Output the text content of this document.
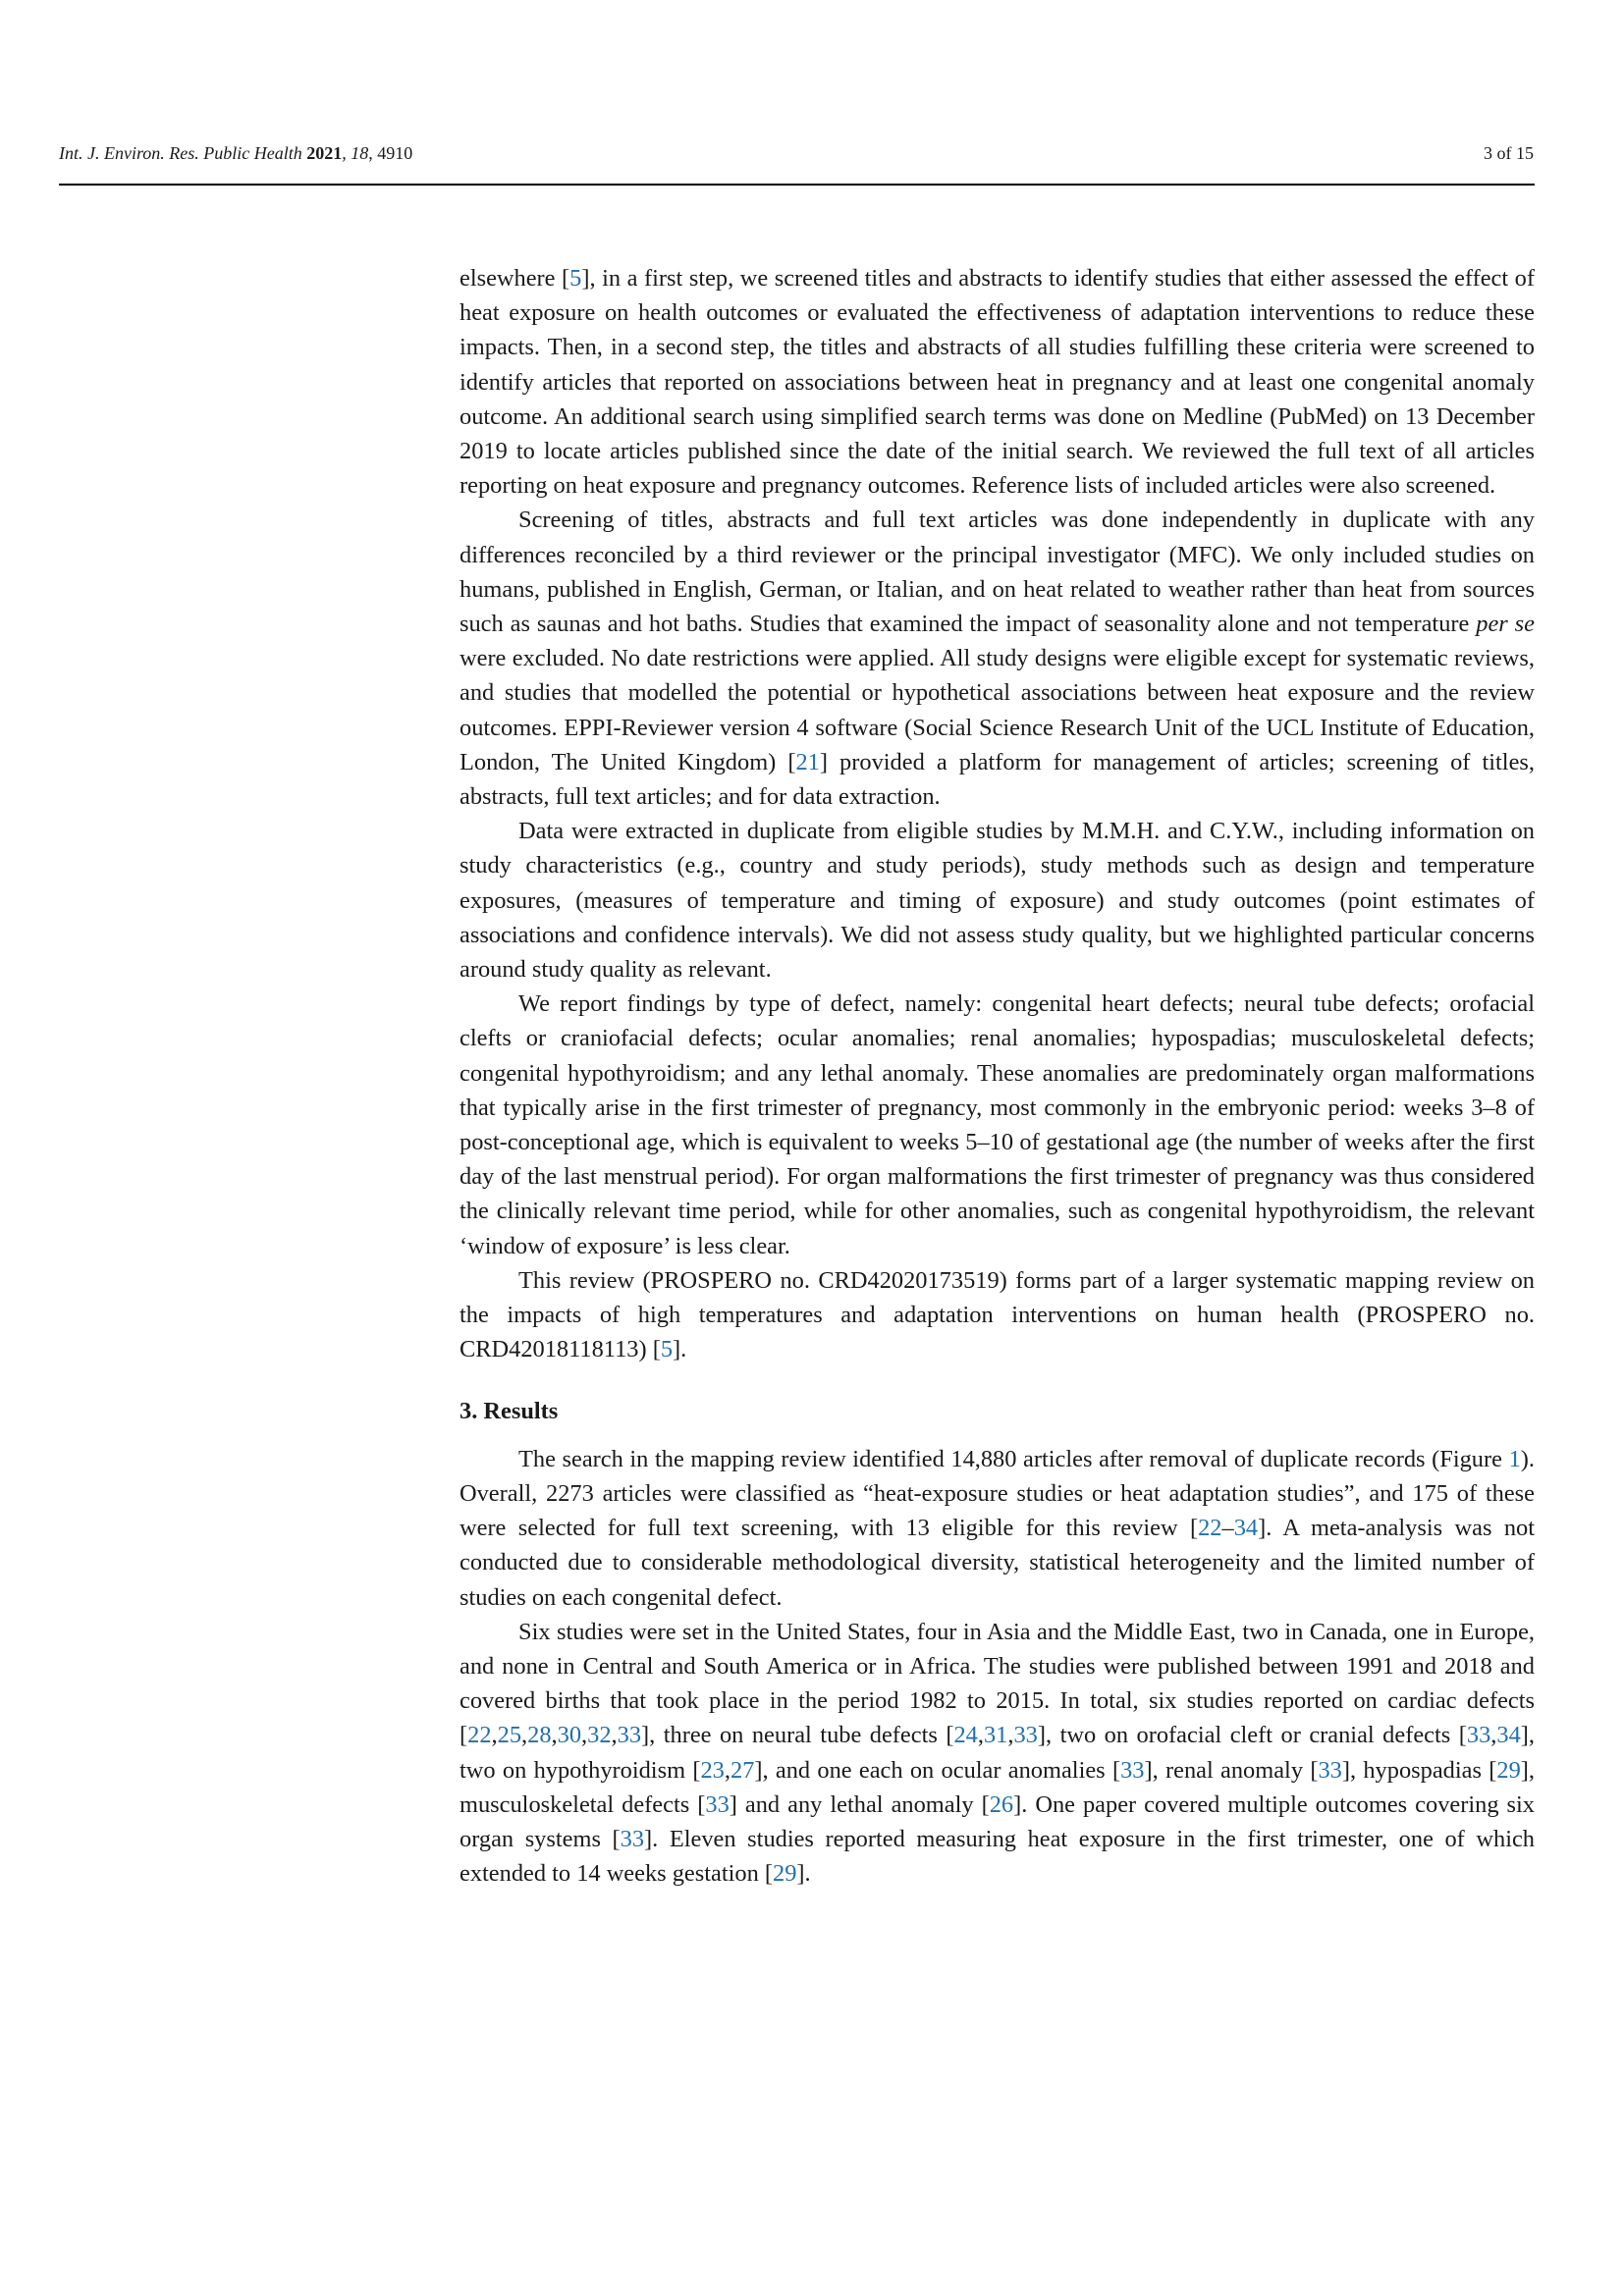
Int. J. Environ. Res. Public Health 2021, 18, 4910	3 of 15

elsewhere [5], in a first step, we screened titles and abstracts to identify studies that either assessed the effect of heat exposure on health outcomes or evaluated the effectiveness of adaptation interventions to reduce these impacts. Then, in a second step, the titles and abstracts of all studies fulfilling these criteria were screened to identify articles that reported on associations between heat in pregnancy and at least one congenital anomaly outcome. An additional search using simplified search terms was done on Medline (PubMed) on 13 December 2019 to locate articles published since the date of the initial search. We reviewed the full text of all articles reporting on heat exposure and pregnancy outcomes. Reference lists of included articles were also screened.

Screening of titles, abstracts and full text articles was done independently in duplicate with any differences reconciled by a third reviewer or the principal investigator (MFC). We only included studies on humans, published in English, German, or Italian, and on heat related to weather rather than heat from sources such as saunas and hot baths. Studies that examined the impact of seasonality alone and not temperature per se were excluded. No date restrictions were applied. All study designs were eligible except for systematic reviews, and studies that modelled the potential or hypothetical associations between heat exposure and the review outcomes. EPPI-Reviewer version 4 software (Social Science Research Unit of the UCL Institute of Education, London, The United Kingdom) [21] provided a platform for management of articles; screening of titles, abstracts, full text articles; and for data extraction.

Data were extracted in duplicate from eligible studies by M.M.H. and C.Y.W., including information on study characteristics (e.g., country and study periods), study methods such as design and temperature exposures, (measures of temperature and timing of exposure) and study outcomes (point estimates of associations and confidence intervals). We did not assess study quality, but we highlighted particular concerns around study quality as relevant.

We report findings by type of defect, namely: congenital heart defects; neural tube defects; orofacial clefts or craniofacial defects; ocular anomalies; renal anomalies; hypospadias; musculoskeletal defects; congenital hypothyroidism; and any lethal anomaly. These anomalies are predominately organ malformations that typically arise in the first trimester of pregnancy, most commonly in the embryonic period: weeks 3–8 of post-conceptional age, which is equivalent to weeks 5–10 of gestational age (the number of weeks after the first day of the last menstrual period). For organ malformations the first trimester of pregnancy was thus considered the clinically relevant time period, while for other anomalies, such as congenital hypothyroidism, the relevant ‘window of exposure’ is less clear.

This review (PROSPERO no. CRD42020173519) forms part of a larger systematic mapping review on the impacts of high temperatures and adaptation interventions on human health (PROSPERO no. CRD42018118113) [5].

3. Results

The search in the mapping review identified 14,880 articles after removal of duplicate records (Figure 1). Overall, 2273 articles were classified as “heat-exposure studies or heat adaptation studies”, and 175 of these were selected for full text screening, with 13 eligible for this review [22–34]. A meta-analysis was not conducted due to considerable methodological diversity, statistical heterogeneity and the limited number of studies on each congenital defect.

Six studies were set in the United States, four in Asia and the Middle East, two in Canada, one in Europe, and none in Central and South America or in Africa. The studies were published between 1991 and 2018 and covered births that took place in the period 1982 to 2015. In total, six studies reported on cardiac defects [22,25,28,30,32,33], three on neural tube defects [24,31,33], two on orofacial cleft or cranial defects [33,34], two on hypothyroidism [23,27], and one each on ocular anomalies [33], renal anomaly [33], hypospadias [29], musculoskeletal defects [33] and any lethal anomaly [26]. One paper covered multiple outcomes covering six organ systems [33]. Eleven studies reported measuring heat exposure in the first trimester, one of which extended to 14 weeks gestation [29].
